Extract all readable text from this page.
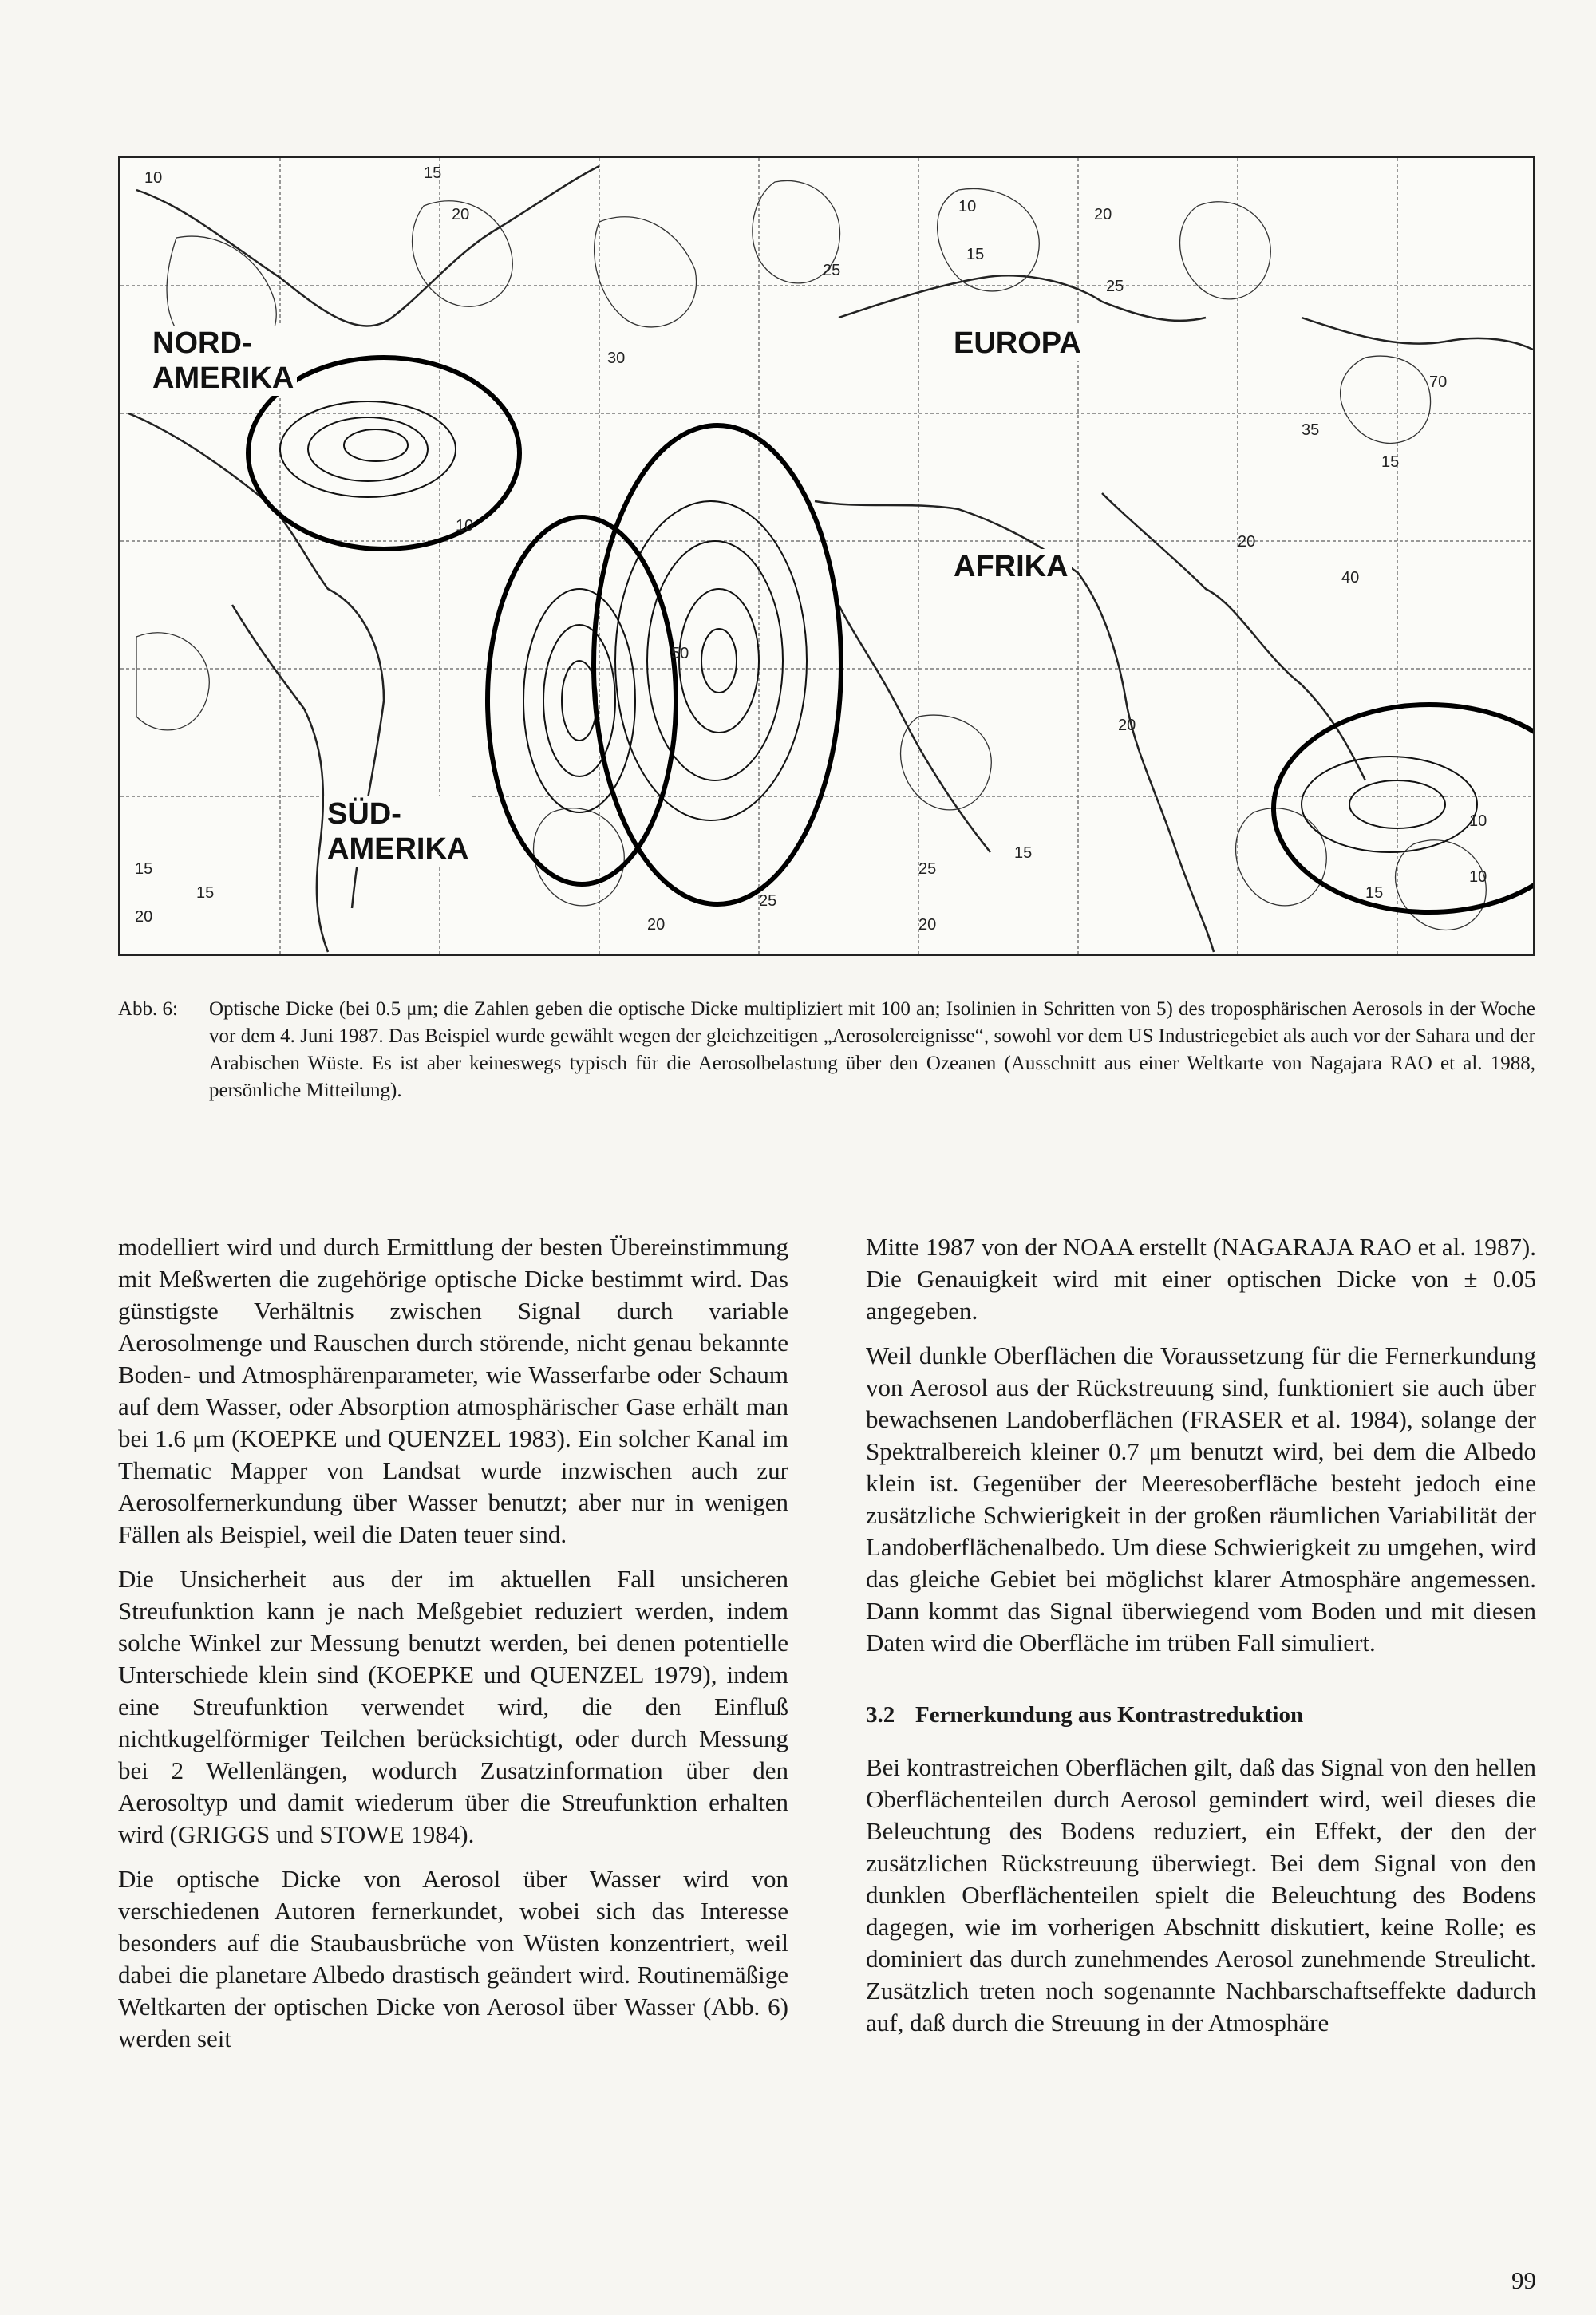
NORD-
AMERIKA
EUROPA
AFRIKA
SÜD-
AMERIKA
10	15
20
25
30
35
40
50
70
20
15
10
25
20
15
10
20
15
25
20
10
15
20
15
20
25
10
15
Abb. 6:	Optische Dicke (bei 0.5 μm; die Zahlen geben die optische Dicke multipliziert mit 100 an; Isolinien in Schritten von 5) des troposphärischen Aerosols in der Woche vor dem 4. Juni 1987. Das Beispiel wurde gewählt wegen der gleichzeitigen „Aerosolereignisse“, sowohl vor dem US Industriegebiet als auch vor der Sahara und der Arabischen Wüste. Es ist aber keineswegs typisch für die Aerosolbelastung über den Ozeanen (Ausschnitt aus einer Weltkarte von Nagajara RAO et al. 1988, persönliche Mitteilung).

modelliert wird und durch Ermittlung der besten Übereinstimmung mit Meßwerten die zugehörige optische Dicke bestimmt wird. Das günstigste Verhältnis zwischen Signal durch variable Aerosolmenge und Rauschen durch störende, nicht genau bekannte Boden- und Atmosphärenparameter, wie Wasserfarbe oder Schaum auf dem Wasser, oder Absorption atmosphärischer Gase erhält man bei 1.6 μm (KOEPKE und QUENZEL 1983). Ein solcher Kanal im Thematic Mapper von Landsat wurde inzwischen auch zur Aerosolfernerkundung über Wasser benutzt; aber nur in wenigen Fällen als Beispiel, weil die Daten teuer sind.

Die Unsicherheit aus der im aktuellen Fall unsicheren Streufunktion kann je nach Meßgebiet reduziert werden, indem solche Winkel zur Messung benutzt werden, bei denen potentielle Unterschiede klein sind (KOEPKE und QUENZEL 1979), indem eine Streufunktion verwendet wird, die den Einfluß nichtkugelförmiger Teilchen berücksichtigt, oder durch Messung bei 2 Wellenlängen, wodurch Zusatzinformation über den Aerosoltyp und damit wiederum über die Streufunktion erhalten wird (GRIGGS und STOWE 1984).

Die optische Dicke von Aerosol über Wasser wird von verschiedenen Autoren fernerkundet, wobei sich das Interesse besonders auf die Staubausbrüche von Wüsten konzentriert, weil dabei die planetare Albedo drastisch geändert wird. Routinemäßige Weltkarten der optischen Dicke von Aerosol über Wasser (Abb. 6) werden seit

Mitte 1987 von der NOAA erstellt (NAGARAJA RAO et al. 1987). Die Genauigkeit wird mit einer optischen Dicke von ± 0.05 angegeben.

Weil dunkle Oberflächen die Voraussetzung für die Fernerkundung von Aerosol aus der Rückstreuung sind, funktioniert sie auch über bewachsenen Landoberflächen (FRASER et al. 1984), solange der Spektralbereich kleiner 0.7 μm benutzt wird, bei dem die Albedo klein ist. Gegenüber der Meeresoberfläche besteht jedoch eine zusätzliche Schwierigkeit in der großen räumlichen Variabilität der Landoberflächenalbedo. Um diese Schwierigkeit zu umgehen, wird das gleiche Gebiet bei möglichst klarer Atmosphäre angemessen. Dann kommt das Signal überwiegend vom Boden und mit diesen Daten wird die Oberfläche im trüben Fall simuliert.

3.2 Fernerkundung aus Kontrastreduktion

Bei kontrastreichen Oberflächen gilt, daß das Signal von den hellen Oberflächenteilen durch Aerosol gemindert wird, weil dieses die Beleuchtung des Bodens reduziert, ein Effekt, der den der zusätzlichen Rückstreuung überwiegt. Bei dem Signal von den dunklen Oberflächenteilen spielt die Beleuchtung des Bodens dagegen, wie im vorherigen Abschnitt diskutiert, keine Rolle; es dominiert das durch zunehmendes Aerosol zunehmende Streulicht. Zusätzlich treten noch sogenannte Nachbarschaftseffekte dadurch auf, daß durch die Streuung in der Atmosphäre

99
